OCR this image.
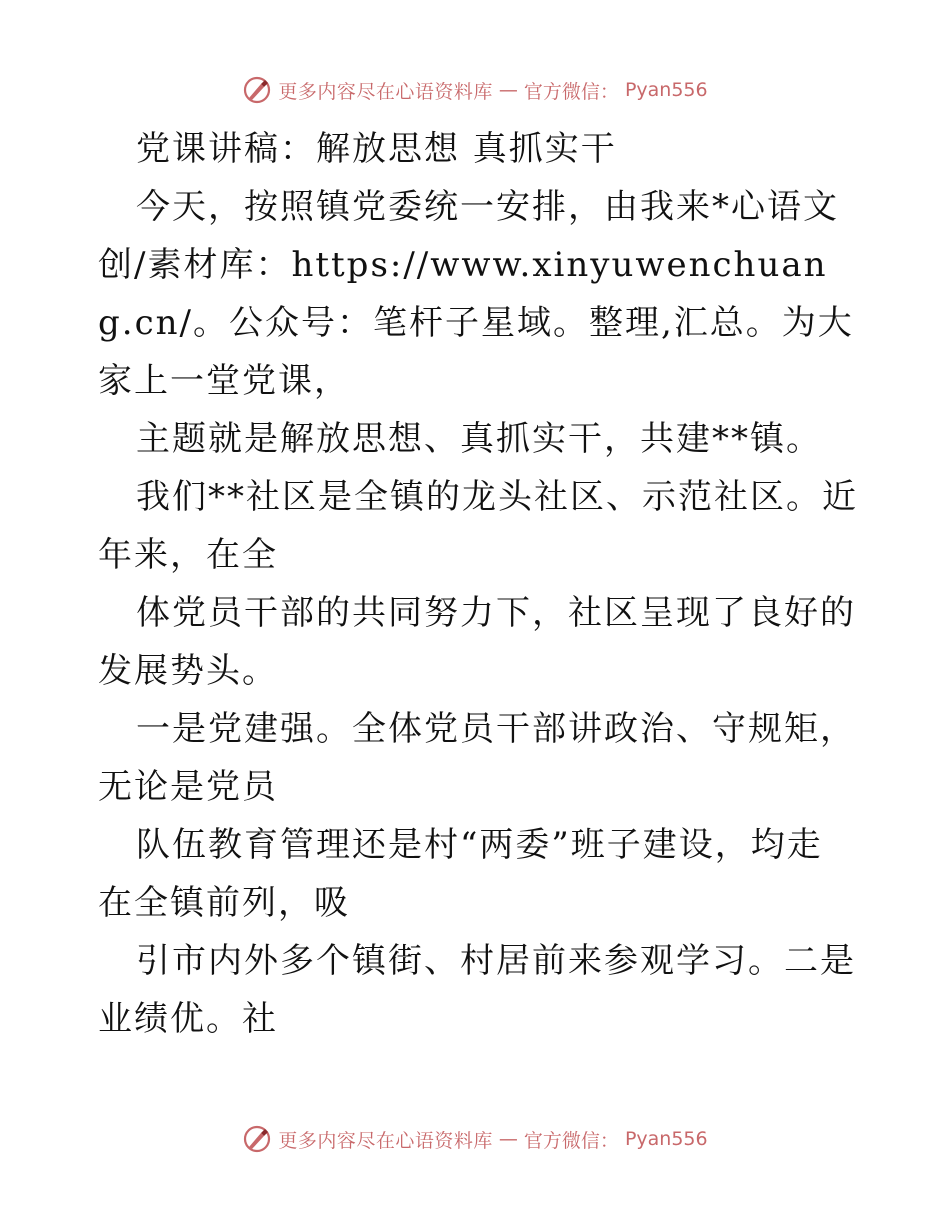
更多内容尽在心语资料库 — 官方微信： Pyan556

党课讲稿：解放思想 真抓实干

今天，按照镇党委统一安排，由我来*心语文创/素材库：https://www.xinyuwenchuang.cn/。公众号：笔杆子星域。整理,汇总。为大家上一堂党课，

主题就是解放思想、真抓实干，共建**镇。

我们**社区是全镇的龙头社区、示范社区。近年来，在全

体党员干部的共同努力下，社区呈现了良好的发展势头。

一是党建强。全体党员干部讲政治、守规矩，无论是党员

队伍教育管理还是村“两委”班子建设，均走在全镇前列，吸

引市内外多个镇街、村居前来参观学习。二是业绩优。社

更多内容尽在心语资料库 — 官方微信： Pyan556
